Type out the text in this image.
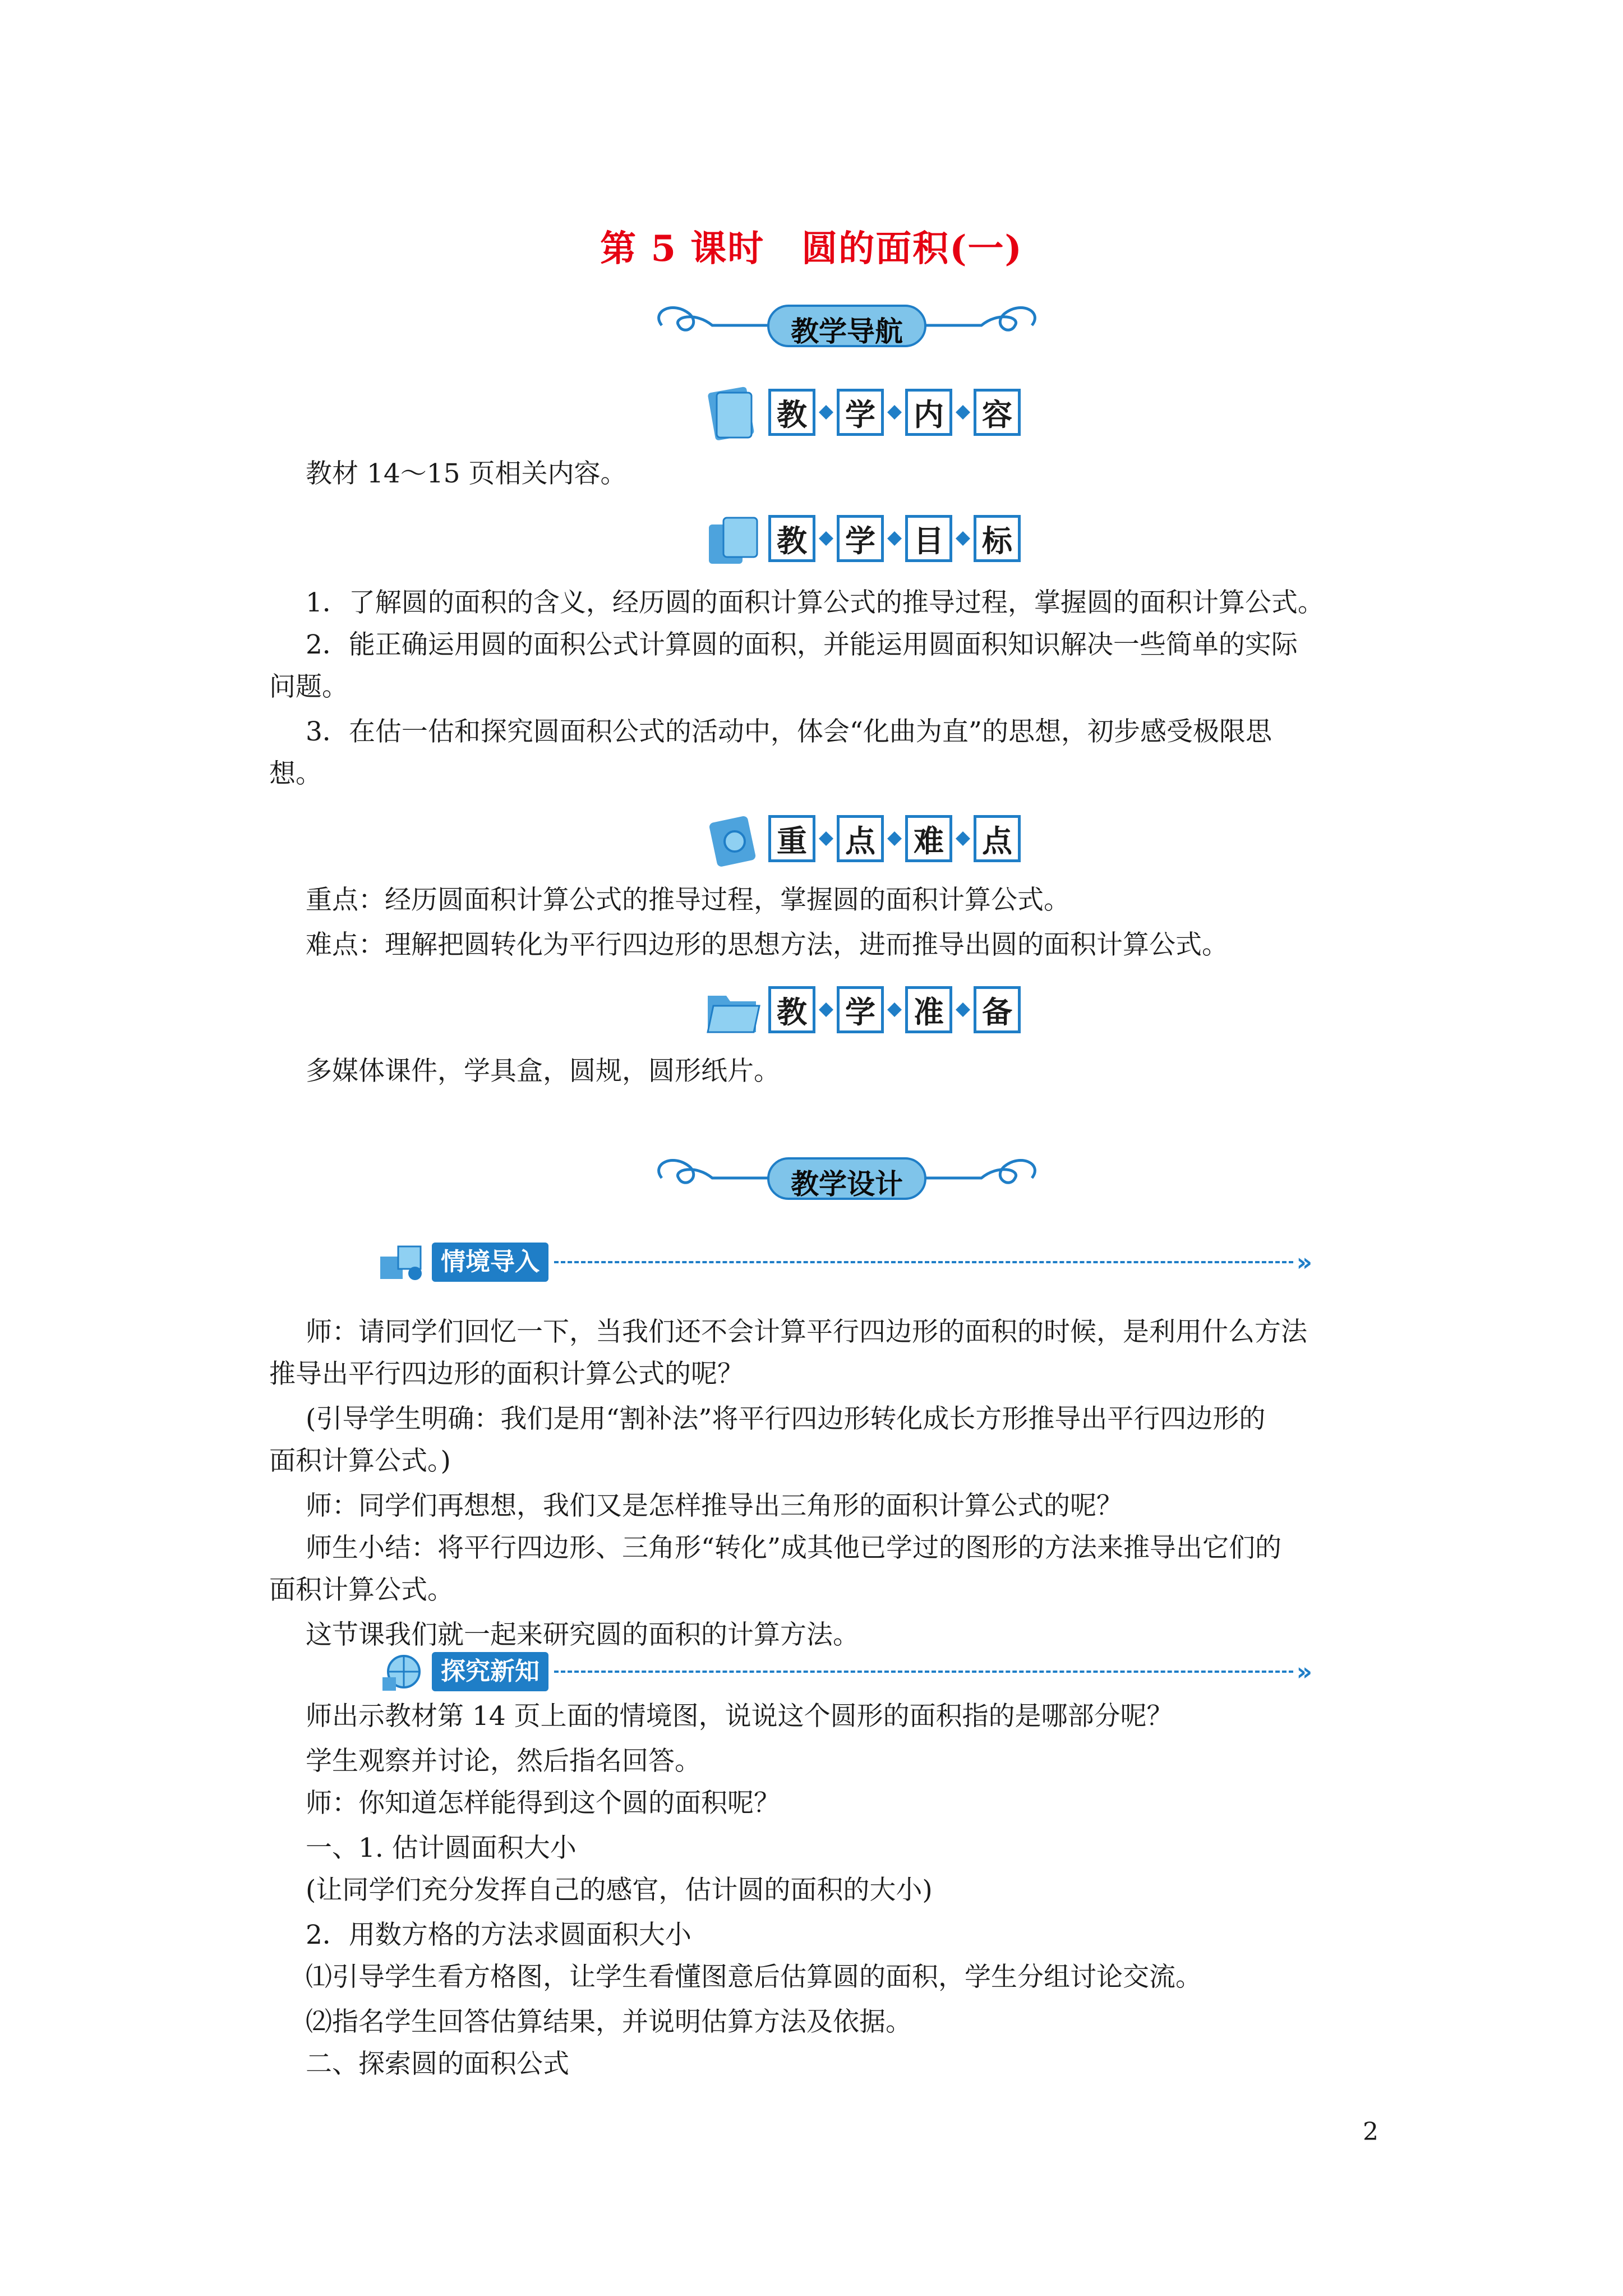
第 5 课时　圆的面积(一)
教学导航
教 学 内 容
教材 14～15 页相关内容。
教 学 目 标
1．了解圆的面积的含义，经历圆的面积计算公式的推导过程，掌握圆的面积计算公式。
2．能正确运用圆的面积公式计算圆的面积，并能运用圆面积知识解决一些简单的实际
问题。
3．在估一估和探究圆面积公式的活动中，体会“化曲为直”的思想，初步感受极限思
想。
重 点 难 点
重点：经历圆面积计算公式的推导过程，掌握圆的面积计算公式。
难点：理解把圆转化为平行四边形的思想方法，进而推导出圆的面积计算公式。
教 学 准 备
多媒体课件，学具盒，圆规，圆形纸片。
教学设计
情境导入	»
师：请同学们回忆一下，当我们还不会计算平行四边形的面积的时候，是利用什么方法
推导出平行四边形的面积计算公式的呢？
(引导学生明确：我们是用“割补法”将平行四边形转化成长方形推导出平行四边形的
面积计算公式。)
师：同学们再想想，我们又是怎样推导出三角形的面积计算公式的呢？
师生小结：将平行四边形、三角形“转化”成其他已学过的图形的方法来推导出它们的
面积计算公式。
这节课我们就一起来研究圆的面积的计算方法。
探究新知	»
师出示教材第 14 页上面的情境图，说说这个圆形的面积指的是哪部分呢？
学生观察并讨论，然后指名回答。
师：你知道怎样能得到这个圆的面积呢？
一、1. 估计圆面积大小
(让同学们充分发挥自己的感官，估计圆的面积的大小)
2．用数方格的方法求圆面积大小
⑴引导学生看方格图，让学生看懂图意后估算圆的面积，学生分组讨论交流。
⑵指名学生回答估算结果，并说明估算方法及依据。
二、探索圆的面积公式
2
